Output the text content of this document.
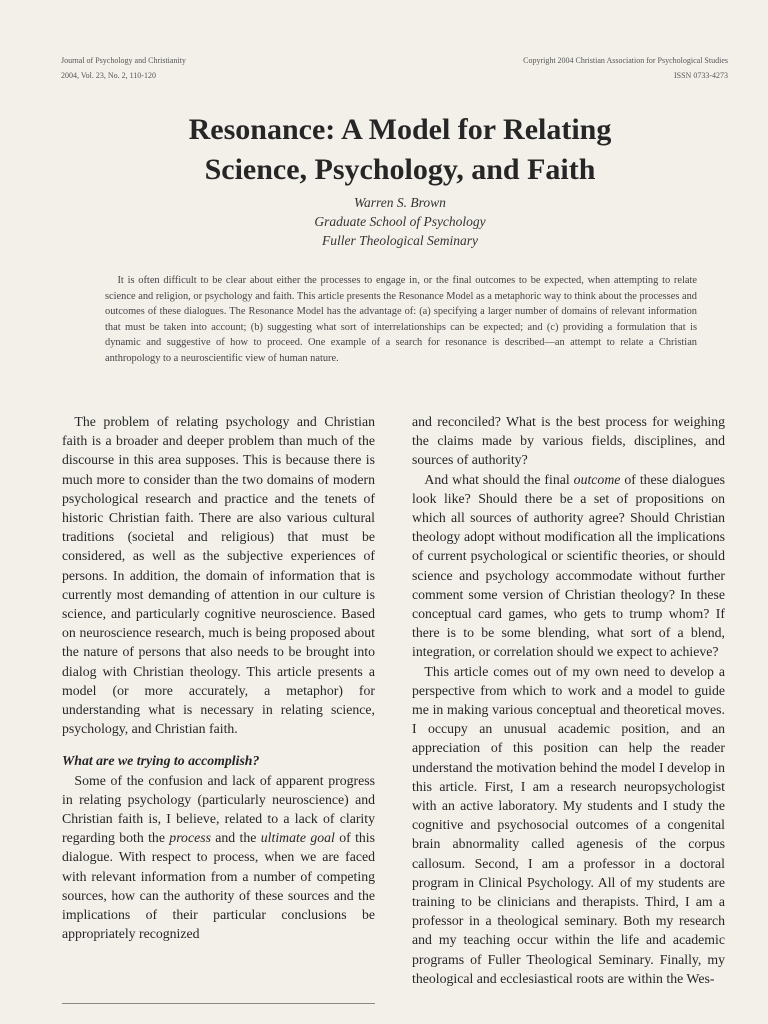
Journal of Psychology and Christianity
2004, Vol. 23, No. 2, 110-120
Copyright 2004 Christian Association for Psychological Studies
ISSN 0733-4273
Resonance: A Model for Relating
Science, Psychology, and Faith
Warren S. Brown
Graduate School of Psychology
Fuller Theological Seminary
It is often difficult to be clear about either the processes to engage in, or the final outcomes to be expected, when attempting to relate science and religion, or psychology and faith. This article presents the Resonance Model as a metaphoric way to think about the processes and outcomes of these dialogues. The Resonance Model has the advantage of: (a) specifying a larger number of domains of relevant information that must be taken into account; (b) suggesting what sort of interrelationships can be expected; and (c) providing a formulation that is dynamic and suggestive of how to proceed. One example of a search for resonance is described—an attempt to relate a Christian anthropology to a neuroscientific view of human nature.

The problem of relating psychology and Christian faith is a broader and deeper problem than much of the discourse in this area supposes. This is because there is much more to consider than the two domains of modern psychological research and practice and the tenets of historic Christian faith. There are also various cultural traditions (societal and religious) that must be considered, as well as the subjective experiences of persons. In addition, the domain of information that is currently most demanding of attention in our culture is science, and particularly cognitive neuroscience. Based on neuroscience research, much is being proposed about the nature of persons that also needs to be brought into dialog with Christian theology. This article presents a model (or more accurately, a metaphor) for understanding what is necessary in relating science, psychology, and Christian faith.

What are we trying to accomplish?

Some of the confusion and lack of apparent progress in relating psychology (particularly neuroscience) and Christian faith is, I believe, related to a lack of clarity regarding both the process and the ultimate goal of this dialogue. With respect to process, when we are faced with relevant information from a number of competing sources, how can the authority of these sources and the implications of their particular conclusions be appropriately recognized

and reconciled? What is the best process for weighing the claims made by various fields, disciplines, and sources of authority?

And what should the final outcome of these dialogues look like? Should there be a set of propositions on which all sources of authority agree? Should Christian theology adopt without modification all the implications of current psychological or scientific theories, or should science and psychology accommodate without further comment some version of Christian theology? In these conceptual card games, who gets to trump whom? If there is to be some blending, what sort of a blend, integration, or correlation should we expect to achieve?

This article comes out of my own need to develop a perspective from which to work and a model to guide me in making various conceptual and theoretical moves. I occupy an unusual academic position, and an appreciation of this position can help the reader understand the motivation behind the model I develop in this article. First, I am a research neuropsychologist with an active laboratory. My students and I study the cognitive and psychosocial outcomes of a congenital brain abnormality called agenesis of the corpus callosum. Second, I am a professor in a doctoral program in Clinical Psychology. All of my students are training to be clinicians and therapists. Third, I am a professor in a theological seminary. Both my research and my teaching occur within the life and academic programs of Fuller Theological Seminary. Finally, my theological and ecclesiastical roots are within the Wes-
